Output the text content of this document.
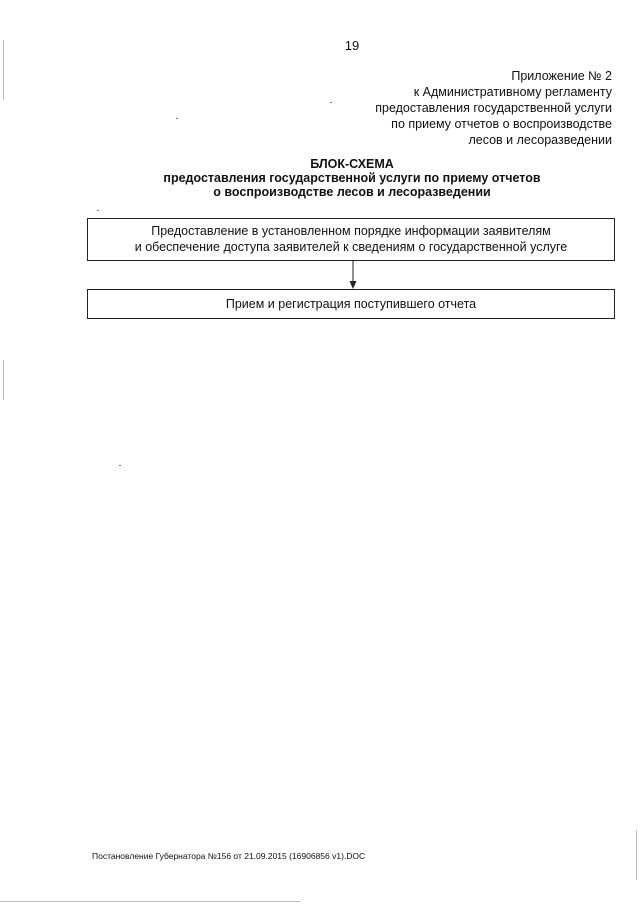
19
Приложение № 2
к Административному регламенту
предоставления государственной услуги
по приему отчетов о воспроизводстве
лесов и лесоразведении
БЛОК-СХЕМА
предоставления государственной услуги по приему отчетов
о воспроизводстве лесов и лесоразведении
Предоставление в установленном порядке информации заявителям
и обеспечение доступа заявителей к сведениям о государственной услуге
Прием и регистрация поступившего отчета
Постановление Губернатора №156 от 21.09.2015 (16906856 v1).DOC
